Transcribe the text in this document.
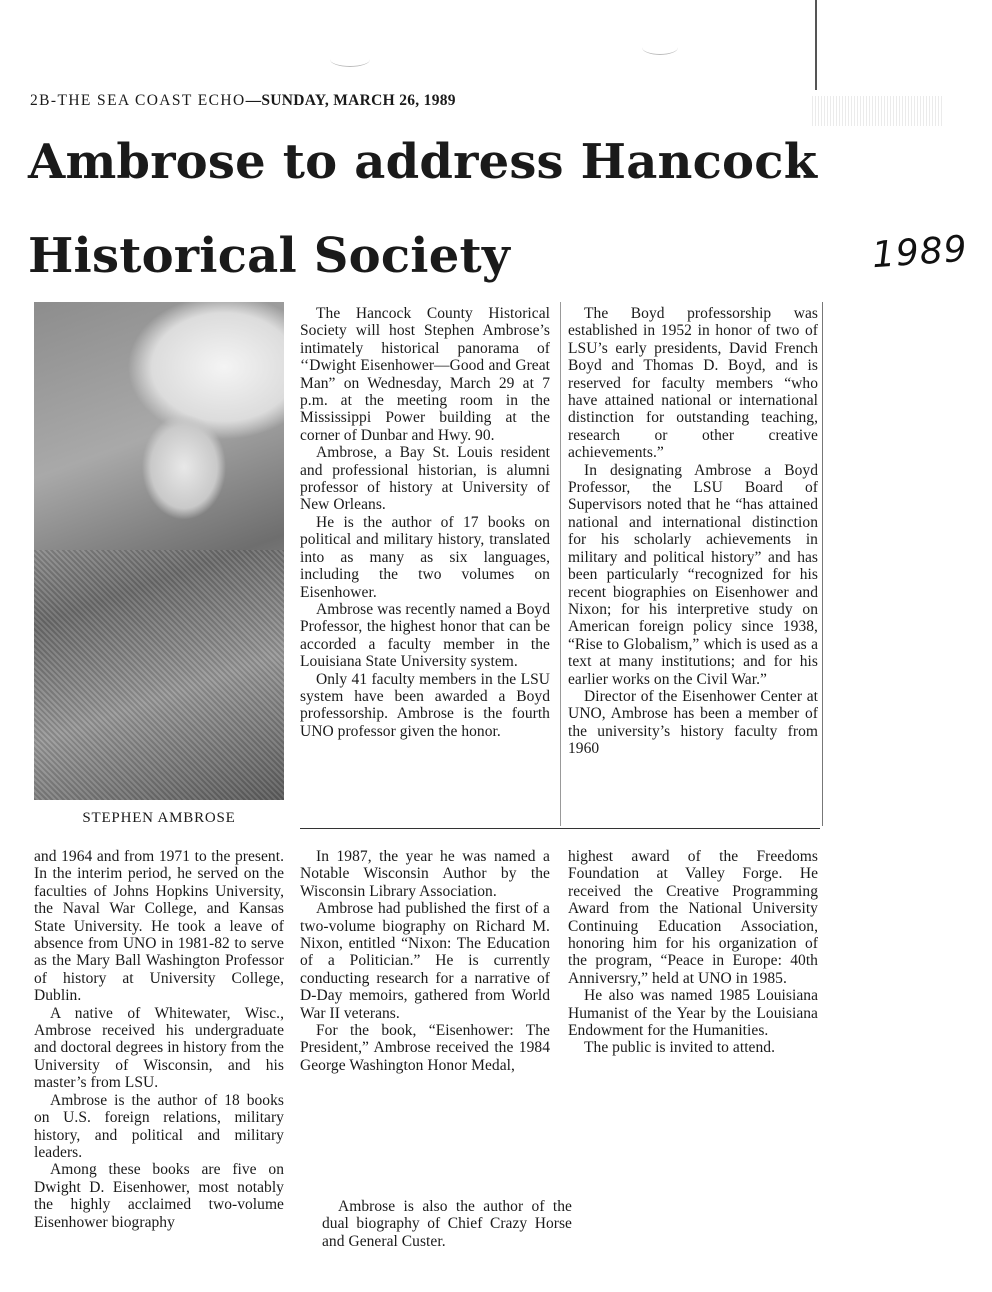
2B-THE SEA COAST ECHO—SUNDAY, MARCH 26, 1989
Ambrose to address Hancock
Historical Society	1989
STEPHEN AMBROSE

The Hancock County Historical Society will host Stephen Ambrose’s intimately historical panorama of ‘‘Dwight Eisenhower—Good and Great Man” on Wednesday, March 29 at 7 p.m. at the meeting room in the Mississippi Power building at the corner of Dunbar and Hwy. 90.

Ambrose, a Bay St. Louis resident and professional historian, is alumni professor of history at University of New Orleans.

He is the author of 17 books on political and military history, translated into as many as six languages, including the two volumes on Eisenhower.

Ambrose was recently named a Boyd Professor, the highest honor that can be accorded a faculty member in the Louisiana State University system.

Only 41 faculty members in the LSU system have been awarded a Boyd professorship. Ambrose is the fourth UNO professor given the honor.

The Boyd professorship was established in 1952 in honor of two of LSU’s early presidents, David French Boyd and Thomas D. Boyd, and is reserved for faculty members “who have attained national or international distinction for outstanding teaching, research or other creative achievements.”

In designating Ambrose a Boyd Professor, the LSU Board of Supervisors noted that he “has attained national and international distinction for his scholarly achievements in military and political history” and has been particularly “recognized for his recent biographies on Eisenhower and Nixon; for his interpretive study on American foreign policy since 1938, “Rise to Globalism,” which is used as a text at many institutions; and for his earlier works on the Civil War.”

Director of the Eisenhower Center at UNO, Ambrose has been a member of the university’s history faculty from 1960

and 1964 and from 1971 to the present. In the interim period, he served on the faculties of Johns Hopkins University, the Naval War College, and Kansas State University. He took a leave of absence from UNO in 1981-82 to serve as the Mary Ball Washington Professor of history at University College, Dublin.

A native of Whitewater, Wisc., Ambrose received his undergraduate and doctoral degrees in history from the University of Wisconsin, and his master’s from LSU.

Ambrose is the author of 18 books on U.S. foreign relations, military history, and political and military leaders.

Among these books are five on Dwight D. Eisenhower, most notably the highly acclaimed two-volume Eisenhower biography

In 1987, the year he was named a Notable Wisconsin Author by the Wisconsin Library Association.

Ambrose had published the first of a two-volume biography on Richard M. Nixon, entitled “Nixon: The Education of a Politician.” He is currently conducting research for a narrative of D-Day memoirs, gathered from World War II veterans.

For the book, “Eisenhower: The President,” Ambrose received the 1984 George Washington Honor Medal,

highest award of the Freedoms Foundation at Valley Forge. He received the Creative Programming Award from the National University Continuing Education Association, honoring him for his organization of the program, “Peace in Europe: 40th Anniversry,” held at UNO in 1985.

He also was named 1985 Louisiana Humanist of the Year by the Louisiana Endowment for the Humanities.

The public is invited to attend.

Ambrose is also the author of the dual biography of Chief Crazy Horse and General Custer.
